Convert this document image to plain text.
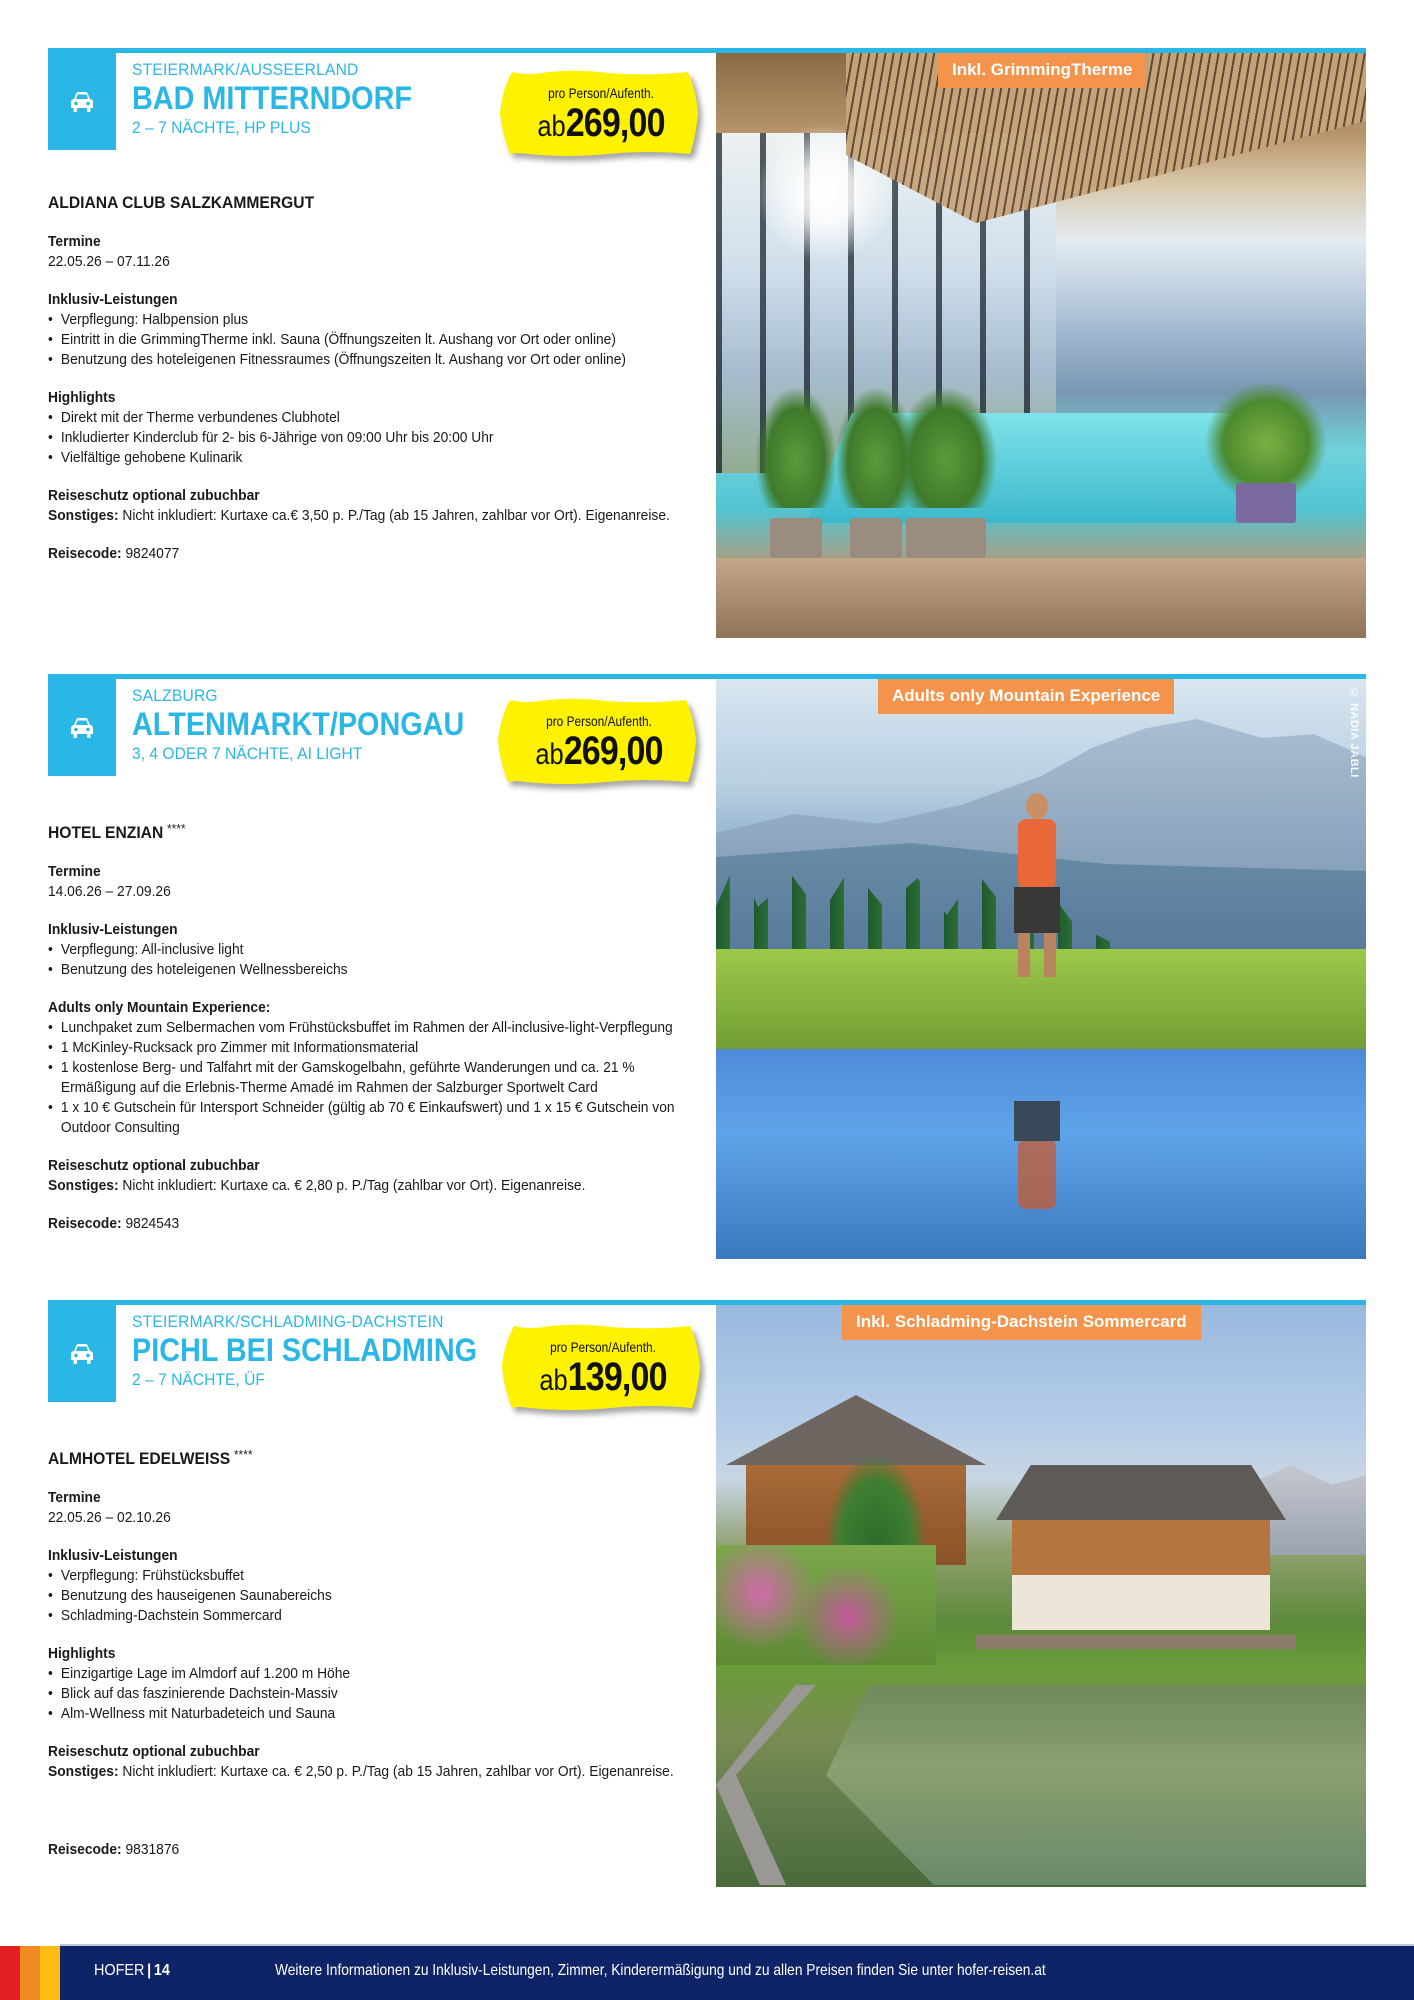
STEIERMARK/AUSSEERLAND
BAD MITTERNDORF
2 – 7 NÄCHTE, HP PLUS
pro Person/Aufenth.
ab269,00
ALDIANA CLUB SALZKAMMERGUT
Termine
22.05.26 – 07.11.26
Inklusiv-Leistungen
• Verpflegung: Halbpension plus
• Eintritt in die GrimmingTherme inkl. Sauna (Öffnungszeiten lt. Aushang vor Ort oder online)
• Benutzung des hoteleigenen Fitnessraumes (Öffnungszeiten lt. Aushang vor Ort oder online)
Highlights
• Direkt mit der Therme verbundenes Clubhotel
• Inkludierter Kinderclub für 2- bis 6-Jährige von 09:00 Uhr bis 20:00 Uhr
• Vielfältige gehobene Kulinarik
Reiseschutz optional zubuchbar
Sonstiges: Nicht inkludiert: Kurtaxe ca.€ 3,50 p. P./Tag (ab 15 Jahren, zahlbar vor Ort). Eigenanreise.
Reisecode: 9824077
Inkl. GrimmingTherme
SALZBURG
ALTENMARKT/PONGAU
3, 4 ODER 7 NÄCHTE, AI LIGHT
pro Person/Aufenth.
ab269,00
HOTEL ENZIAN ****
Termine
14.06.26 – 27.09.26
Inklusiv-Leistungen
• Verpflegung: All-inclusive light
• Benutzung des hoteleigenen Wellnessbereichs
Adults only Mountain Experience:
• Lunchpaket zum Selbermachen vom Frühstücksbuffet im Rahmen der All-inclusive-light-Verpflegung
• 1 McKinley-Rucksack pro Zimmer mit Informationsmaterial
• 1 kostenlose Berg- und Talfahrt mit der Gamskogelbahn, geführte Wanderungen und ca. 21 % Ermäßigung auf die Erlebnis-Therme Amadé im Rahmen der Salzburger Sportwelt Card
• 1 x 10 € Gutschein für Intersport Schneider (gültig ab 70 € Einkaufswert) und 1 x 15 € Gutschein von Outdoor Consulting
Reiseschutz optional zubuchbar
Sonstiges: Nicht inkludiert: Kurtaxe ca. € 2,80 p. P./Tag (zahlbar vor Ort). Eigenanreise.
Reisecode: 9824543
Adults only Mountain Experience	© NADIA JABLI
STEIERMARK/SCHLADMING-DACHSTEIN
PICHL BEI SCHLADMING
2 – 7 NÄCHTE, ÜF
pro Person/Aufenth.
ab139,00
ALMHOTEL EDELWEISS ****
Termine
22.05.26 – 02.10.26
Inklusiv-Leistungen
• Verpflegung: Frühstücksbuffet
• Benutzung des hauseigenen Saunabereichs
• Schladming-Dachstein Sommercard
Highlights
• Einzigartige Lage im Almdorf auf 1.200 m Höhe
• Blick auf das faszinierende Dachstein-Massiv
• Alm-Wellness mit Naturbadeteich und Sauna
Reiseschutz optional zubuchbar
Sonstiges: Nicht inkludiert: Kurtaxe ca. € 2,50 p. P./Tag (ab 15 Jahren, zahlbar vor Ort). Eigenanreise.
Reisecode: 9831876
Inkl. Schladming-Dachstein Sommercard
HOFER | 14	Weitere Informationen zu Inklusiv-Leistungen, Zimmer, Kinderermäßigung und zu allen Preisen finden Sie unter hofer-reisen.at
